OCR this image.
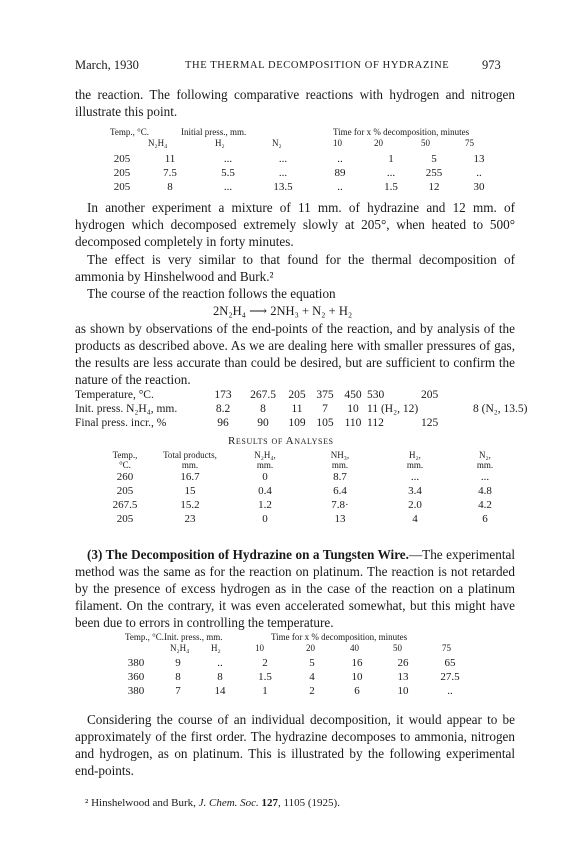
March, 1930	THE THERMAL DECOMPOSITION OF HYDRAZINE	973
the reaction. The following comparative reactions with hydrogen and nitrogen illustrate this point.
Temp., °C.	Initial press., mm.	Time for x % decomposition, minutes
N₂H₄	H₂	N₂	10	20	50	75
205	11	...	...	..	1	5	13
205	7.5	5.5	...	89	...	255	..
205	8	...	13.5	..	1.5	12	30
In another experiment a mixture of 11 mm. of hydrazine and 12 mm. of hydrogen which decomposed extremely slowly at 205°, when heated to 500° decomposed completely in forty minutes.
The effect is very similar to that found for the thermal decomposition of ammonia by Hinshelwood and Burk.²
The course of the reaction follows the equation
2N₂H₄ ⟶ 2NH₃ + N₂ + H₂
as shown by observations of the end-points of the reaction, and by analysis of the products as described above. As we are dealing here with smaller pressures of gas, the results are less accurate than could be desired, but are sufficient to confirm the nature of the reaction.
Temperature, °C.	173	267.5	205	375	450	530	205	
Init. press. N₂H₄, mm.	8.2	8	11	7	10	11 (H₂, 12)		8 (N₂, 13.5)
Final press. incr., %	96	90	109	105	110	112	125	
Results of Analyses
Temp.,	Total products,	N₂H₄,	NH₃,	H₂,	N₂,
°C.	mm.	mm.	mm.	mm.	mm.
260	16.7	0	8.7	...	...
205	15	0.4	6.4	3.4	4.8
267.5	15.2	1.2	7.8·	2.0	4.2
205	23	0	13	4	6
(3) The Decomposition of Hydrazine on a Tungsten Wire.—The experimental method was the same as for the reaction on platinum. The reaction is not retarded by the presence of excess hydrogen as in the case of the reaction on a platinum filament. On the contrary, it was even accelerated somewhat, but this might have been due to errors in controlling the temperature.
Temp., °C. Init. press., mm.	Time for x % decomposition, minutes
N₂H₄ H₂	10	20	40	50	75
380	9	..	2	5	16	26	65
360	8	8	1.5	4	10	13	27.5
380	7	14	1	2	6	10	..
Considering the course of an individual decomposition, it would appear to be approximately of the first order. The hydrazine decomposes to ammonia, nitrogen and hydrogen, as on platinum. This is illustrated by the following experimental end-points.
² Hinshelwood and Burk, J. Chem. Soc. 127, 1105 (1925).
